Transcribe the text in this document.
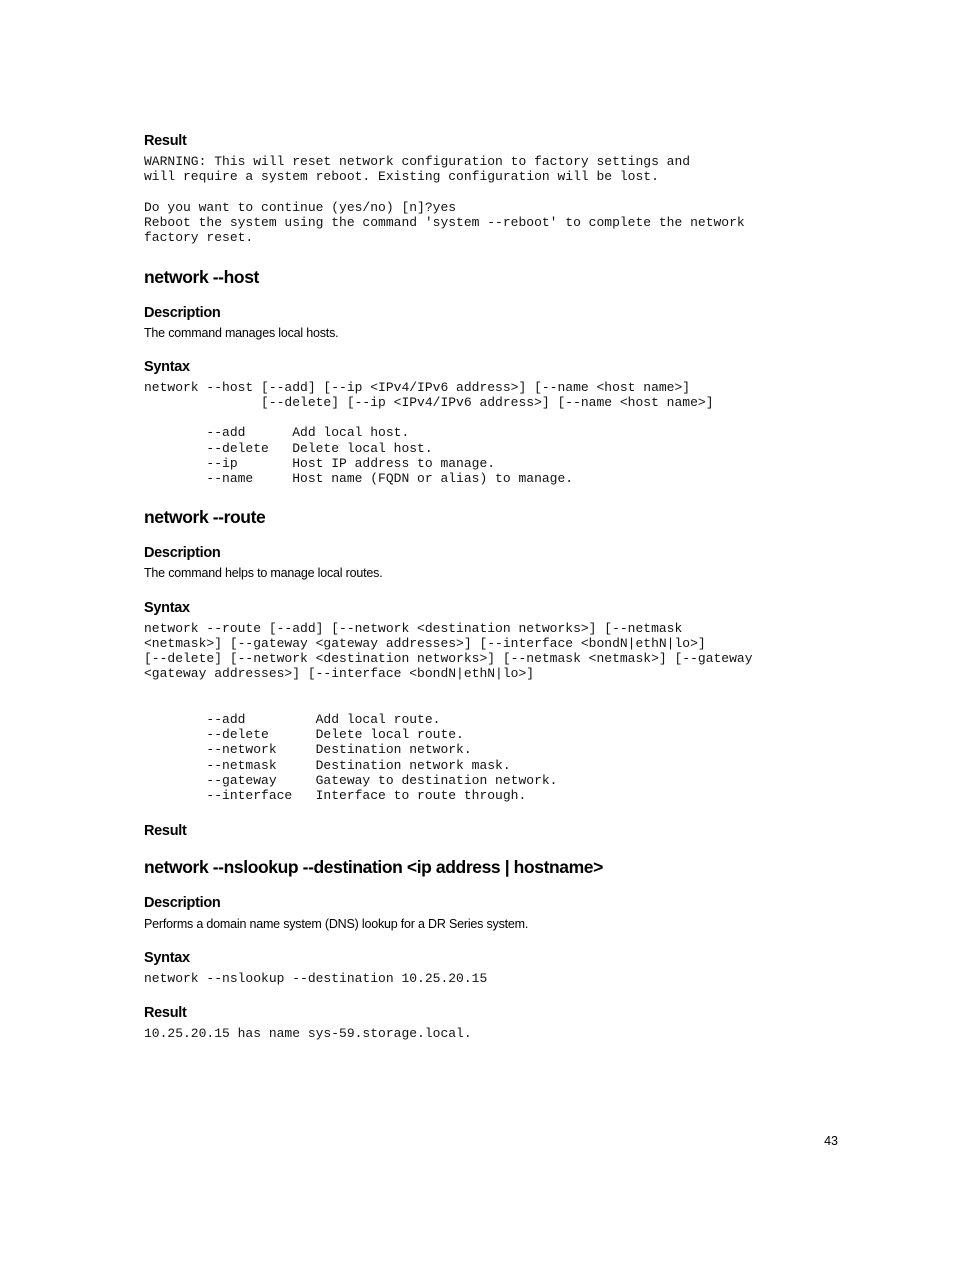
Result
WARNING: This will reset network configuration to factory settings and
will require a system reboot. Existing configuration will be lost.

Do you want to continue (yes/no) [n]?yes
Reboot the system using the command 'system --reboot' to complete the network
factory reset.
network --host
Description

The command manages local hosts.

Syntax
network --host [--add] [--ip <IPv4/IPv6 address>] [--name <host name>]
[--delete] [--ip <IPv4/IPv6 address>] [--name <host name>]
--add      Add local host.
--delete   Delete local host.
--ip       Host IP address to manage.
--name     Host name (FQDN or alias) to manage.
network --route
Description

The command helps to manage local routes.

Syntax
network --route [--add] [--network <destination networks>] [--netmask
<netmask>] [--gateway <gateway addresses>] [--interface <bondN|ethN|lo>]
[--delete] [--network <destination networks>] [--netmask <netmask>] [--gateway
<gateway addresses>] [--interface <bondN|ethN|lo>]
--add         Add local route.
--delete      Delete local route.
--network     Destination network.
--netmask     Destination network mask.
--gateway     Gateway to destination network.
--interface   Interface to route through.
Result
network --nslookup --destination <ip address | hostname>
Description

Performs a domain name system (DNS) lookup for a DR Series system.

Syntax
network --nslookup --destination 10.25.20.15
Result
10.25.20.15 has name sys-59.storage.local.
43
